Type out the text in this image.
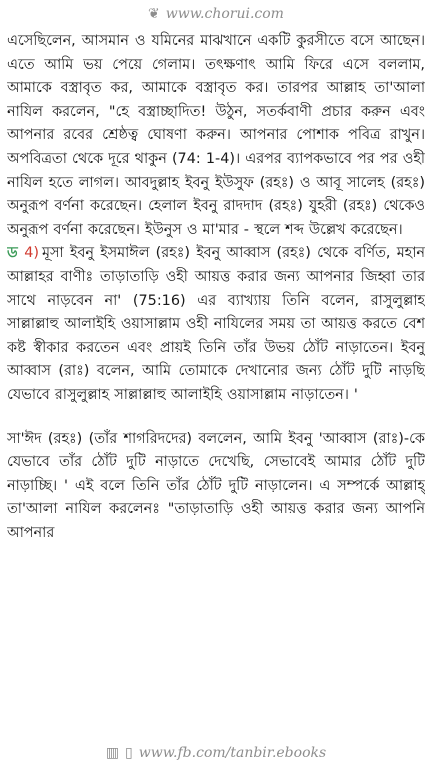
❦ www.chorui.com

এসেছিলেন, আসমান ও যমিনের মাঝখানে একটি কুরসীতে বসে আছেন। এতে আমি ভয় পেয়ে গেলাম। তৎক্ষণাৎ আমি ফিরে এসে বললাম, আমাকে বস্ত্রাবৃত কর, আমাকে বস্ত্রাবৃত কর। তারপর আল্লাহ তা'আলা নাযিল করলেন, "হে বস্ত্রাচ্ছাদিত! উঠুন, সতর্কবাণী প্রচার করুন এবং আপনার রবের শ্রেষ্ঠত্ব ঘোষণা করুন। আপনার পোশাক পবিত্র রাখুন। অপবিত্রতা থেকে দূরে থাকুন (74: 1-4)। এরপর ব্যাপকভাবে পর পর ওহী নাযিল হতে লাগল। আবদুল্লাহ ইবনু ইউসুফ (রহঃ) ও আবূ সালেহ (রহঃ) অনুরূপ বর্ণনা করেছেন। হেলাল ইবনু রাদদাদ (রহঃ) যুহরী (রহঃ) থেকেও অনুরূপ বর্ণনা করেছেন। ইউনুস ও মা'মার - স্থলে শব্দ উল্লেখ করেছেন।

ড 4) মূসা ইবনু ইসমাঈল (রহঃ) ইবনু আব্বাস (রহঃ) থেকে বর্ণিত, মহান আল্লাহর বাণীঃ তাড়াতাড়ি ওহী আয়ত্ত করার জন্য আপনার জিহ্বা তার সাথে নাড়বেন না' (75:16) এর ব্যাখ্যায় তিনি বলেন, রাসুলুল্লাহ সাল্লাল্লাহু আলাইহি ওয়াসাল্লাম ওহী নাযিলের সময় তা আয়ত্ত করতে বেশ কষ্ট স্বীকার করতেন এবং প্রায়ই তিনি তাঁর উভয় ঠোঁট নাড়াতেন। ইবনু আব্বাস (রাঃ) বলেন, আমি তোমাকে দেখানোর জন্য ঠোঁট দুটি নাড়ছি যেভাবে রাসুলুল্লাহ সাল্লাল্লাহু আলাইহি ওয়াসাল্লাম নাড়াতেন। '

সা'ঈদ (রহঃ) (তাঁর শাগরিদদের) বললেন, আমি ইবনু 'আব্বাস (রাঃ)-কে যেভাবে তাঁর ঠোঁট দুটি নাড়াতে দেখেছি, সেভাবেই আমার ঠোঁট দুটি নাড়াচ্ছি। ' এই বলে তিনি তাঁর ঠোঁট দুটি নাড়ালেন। এ সম্পর্কে আল্লাহ্‌ তা'আলা নাযিল করলেনঃ "তাড়াতাড়ি ওহী আয়ত্ত করার জন্য আপনি আপনার

▥ ▯ www.fb.com/tanbir.ebooks
